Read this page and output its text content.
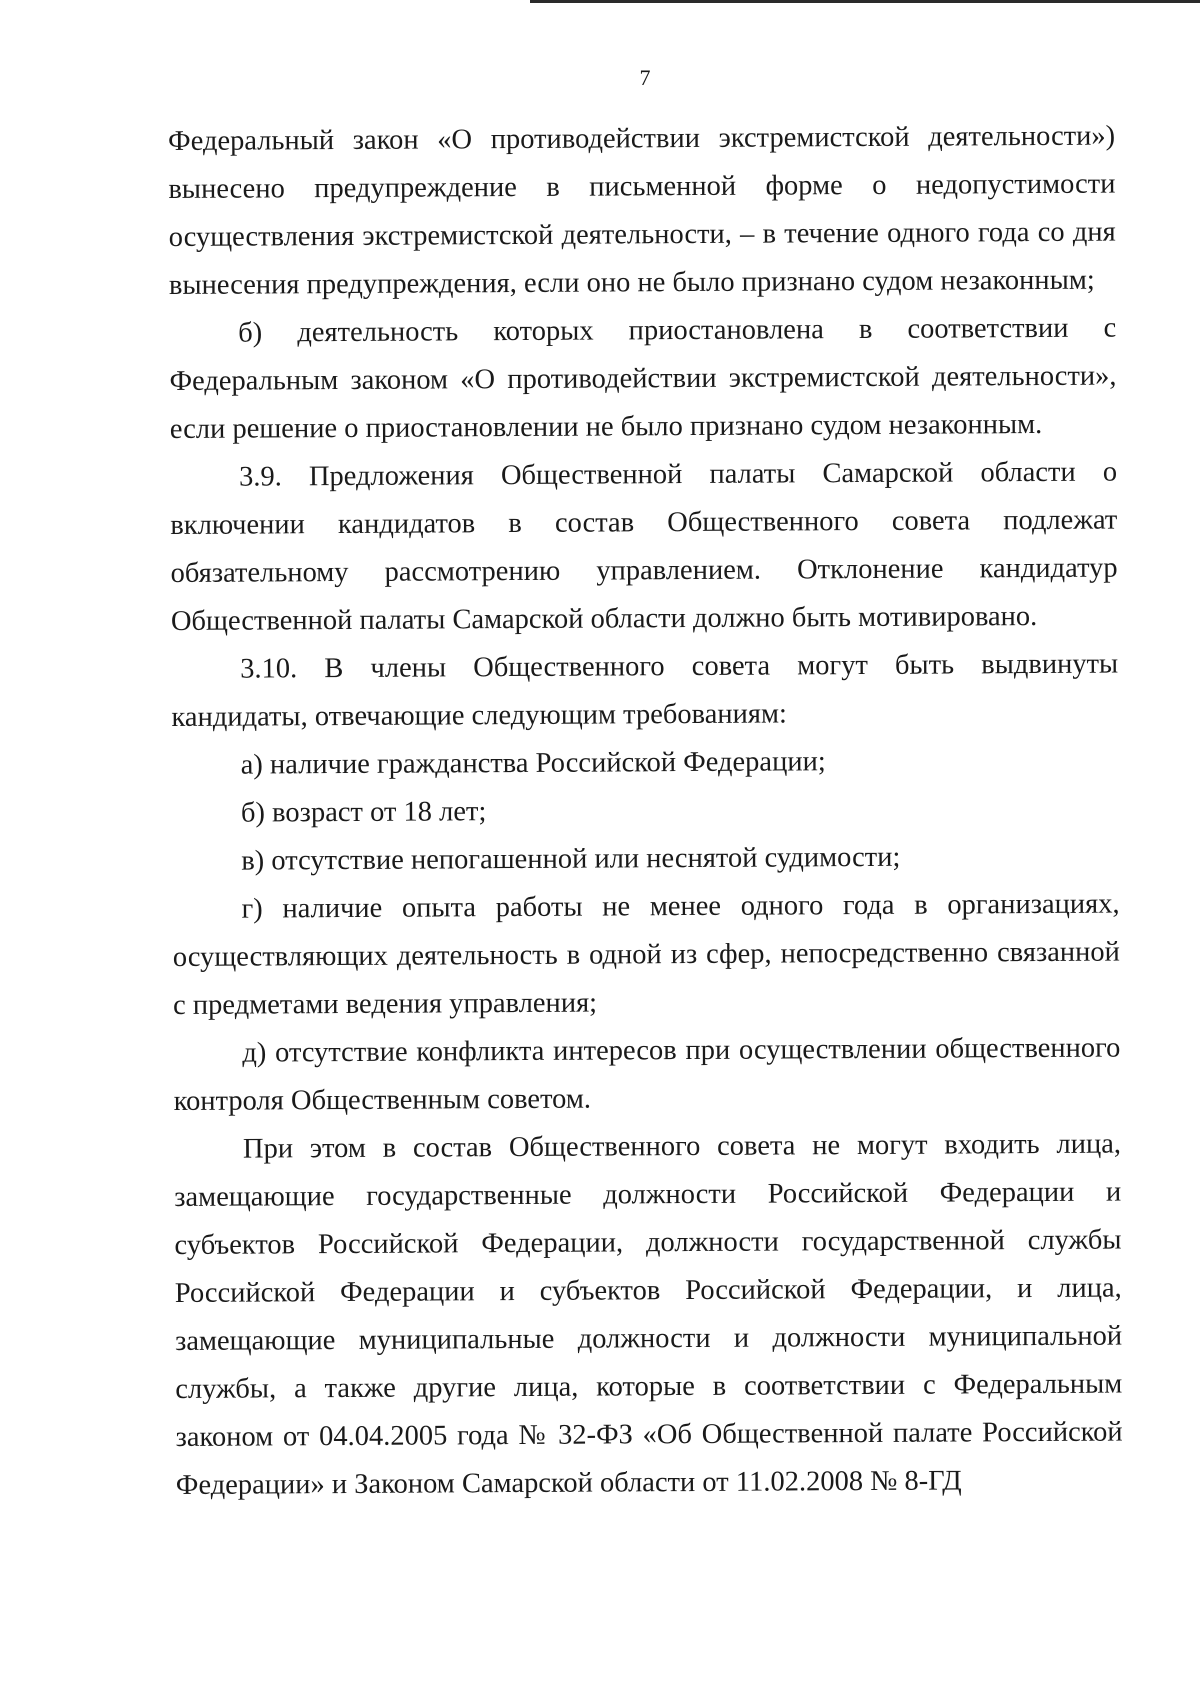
7

Федеральный закон «О противодействии экстремистской деятельности») вынесено предупреждение в письменной форме о недопустимости осуществления экстремистской деятельности, – в течение одного года со дня вынесения предупреждения, если оно не было признано судом незаконным;

б) деятельность которых приостановлена в соответствии с Федеральным законом «О противодействии экстремистской деятельности», если решение о приостановлении не было признано судом незаконным.

3.9. Предложения Общественной палаты Самарской области о включении кандидатов в состав Общественного совета подлежат обязательному рассмотрению управлением. Отклонение кандидатур Общественной палаты Самарской области должно быть мотивировано.

3.10. В члены Общественного совета могут быть выдвинуты кандидаты, отвечающие следующим требованиям:

а) наличие гражданства Российской Федерации;

б) возраст от 18 лет;

в) отсутствие непогашенной или неснятой судимости;

г) наличие опыта работы не менее одного года в организациях, осуществляющих деятельность в одной из сфер, непосредственно связанной с предметами ведения управления;

д) отсутствие конфликта интересов при осуществлении общественного контроля Общественным советом.

При этом в состав Общественного совета не могут входить лица, замещающие государственные должности Российской Федерации и субъектов Российской Федерации, должности государственной службы Российской Федерации и субъектов Российской Федерации, и лица, замещающие муниципальные должности и должности муниципальной службы, а также другие лица, которые в соответствии с Федеральным законом от 04.04.2005 года № 32-ФЗ «Об Общественной палате Российской Федерации» и Законом Самарской области от 11.02.2008 № 8-ГД
